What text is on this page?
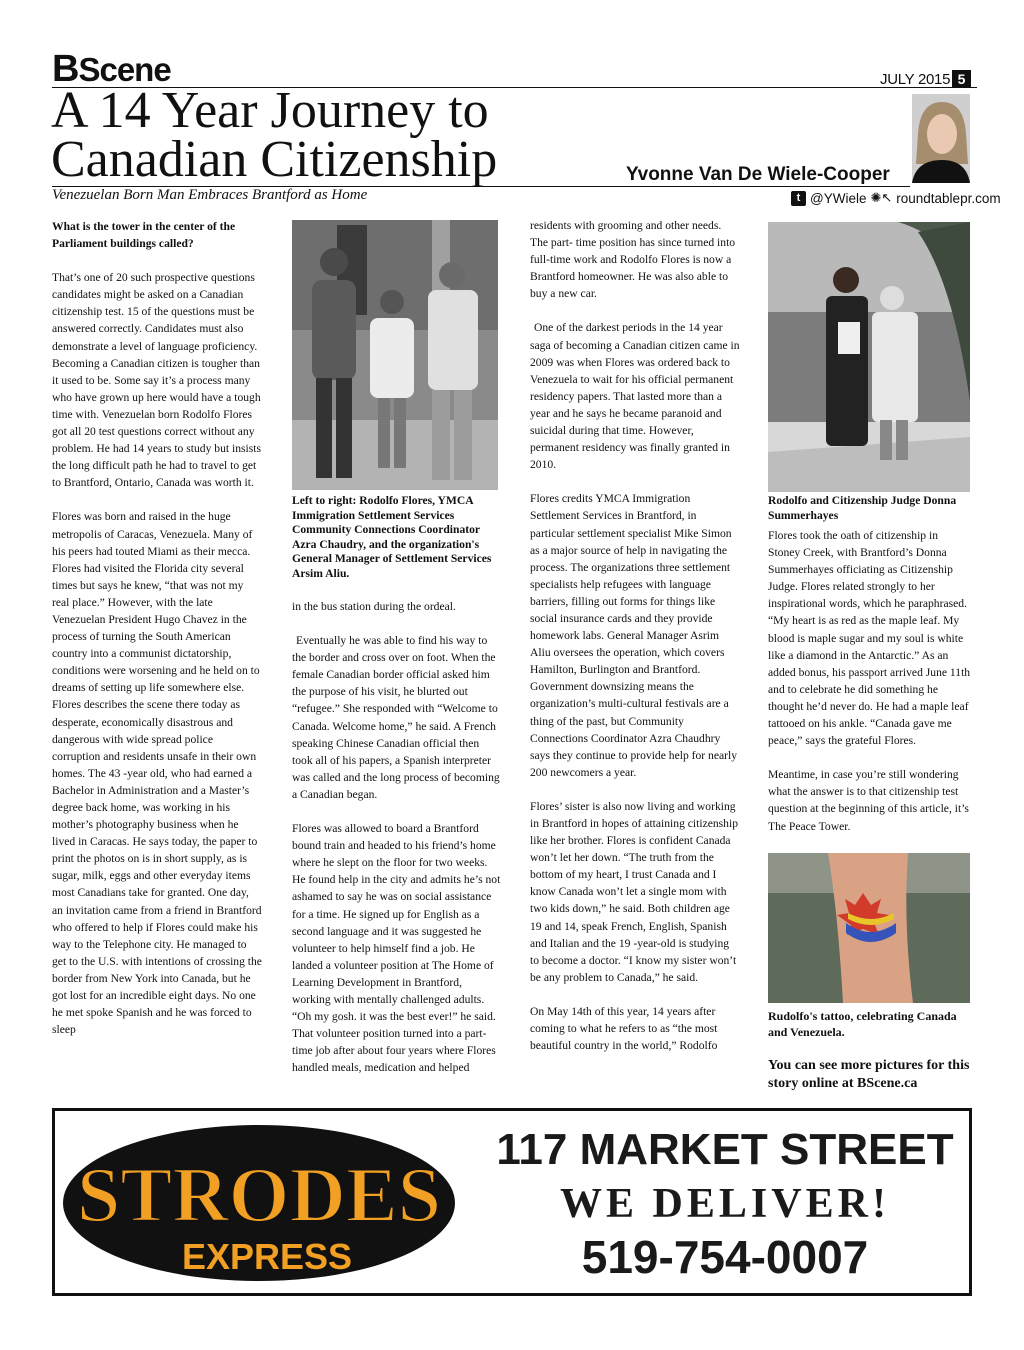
BScene	JULY 2015 5
A 14 Year Journey to
Canadian Citizenship	Yvonne Van De Wiele-Cooper
Venezuelan Born Man Embraces Brantford as Home	t @YWiele ✺↖ roundtablepr.com

What is the tower in the center of the Parliament buildings called?

That’s one of 20 such prospective questions candidates might be asked on a Canadian citizenship test. 15 of the questions must be answered correctly. Candidates must also demonstrate a level of language proficiency. Becoming a Canadian citizen is tougher than it used to be. Some say it’s a process many who have grown up here would have a tough time with. Venezuelan born Rodolfo Flores got all 20 test questions correct without any problem. He had 14 years to study but insists the long difficult path he had to travel to get to Brantford, Ontario, Canada was worth it.

Flores was born and raised in the huge metropolis of Caracas, Venezuela. Many of his peers had touted Miami as their mecca. Flores had visited the Florida city several times but says he knew, “that was not my real place.” However, with the late Venezuelan President Hugo Chavez in the process of turning the South American country into a communist dictatorship, conditions were worsening and he held on to dreams of setting up life somewhere else. Flores describes the scene there today as desperate, economically disastrous and dangerous with wide spread police corruption and residents unsafe in their own homes. The 43 -year old, who had earned a Bachelor in Administration and a Master’s degree back home, was working in his mother’s photography business when he lived in Caracas. He says today, the paper to print the photos on is in short supply, as is sugar, milk, eggs and other everyday items most Canadians take for granted. One day, an invitation came from a friend in Brantford who offered to help if Flores could make his way to the Telephone city. He managed to get to the U.S. with intentions of crossing the border from New York into Canada, but he got lost for an incredible eight days. No one he met spoke Spanish and he was forced to sleep

Left to right: Rodolfo Flores, YMCA Immigration Settlement Services Community Connections Coordinator Azra Chaudry, and the organization's General Manager of Settlement Services Arsim Aliu.

in the bus station during the ordeal.

Eventually he was able to find his way to the border and cross over on foot. When the female Canadian border official asked him the purpose of his visit, he blurted out “refugee.” She responded with “Welcome to Canada. Welcome home,” he said. A French speaking Chinese Canadian official then took all of his papers, a Spanish interpreter was called and the long process of becoming a Canadian began.

Flores was allowed to board a Brantford bound train and headed to his friend’s home where he slept on the floor for two weeks. He found help in the city and admits he’s not ashamed to say he was on social assistance for a time. He signed up for English as a second language and it was suggested he volunteer to help himself find a job. He landed a volunteer position at The Home of Learning Development in Brantford, working with mentally challenged adults. “Oh my gosh. it was the best ever!” he said. That volunteer position turned into a part-time job after about four years where Flores handled meals, medication and helped

residents with grooming and other needs. The part- time position has since turned into full-time work and Rodolfo Flores is now a Brantford homeowner. He was also able to buy a new car.

One of the darkest periods in the 14 year saga of becoming a Canadian citizen came in 2009 was when Flores was ordered back to Venezuela to wait for his official permanent residency papers. That lasted more than a year and he says he became paranoid and suicidal during that time. However, permanent residency was finally granted in 2010.

Flores credits YMCA Immigration Settlement Services in Brantford, in particular settlement specialist Mike Simon as a major source of help in navigating the process. The organizations three settlement specialists help refugees with language barriers, filling out forms for things like social insurance cards and they provide homework labs. General Manager Asrim Aliu oversees the operation, which covers Hamilton, Burlington and Brantford. Government downsizing means the organization’s multi-cultural festivals are a thing of the past, but Community Connections Coordinator Azra Chaudhry says they continue to provide help for nearly 200 newcomers a year.

Flores’ sister is also now living and working in Brantford in hopes of attaining citizenship like her brother. Flores is confident Canada won’t let her down. “The truth from the bottom of my heart, I trust Canada and I know Canada won’t let a single mom with two kids down,” he said. Both children age 19 and 14, speak French, English, Spanish and Italian and the 19 -year-old is studying to become a doctor. “I know my sister won’t be any problem to Canada,” he said.

On May 14th of this year, 14 years after coming to what he refers to as “the most beautiful country in the world,” Rodolfo

Rodolfo and Citizenship Judge Donna Summerhayes

Flores took the oath of citizenship in Stoney Creek, with Brantford’s Donna Summerhayes officiating as Citizenship Judge. Flores related strongly to her inspirational words, which he paraphrased. “My heart is as red as the maple leaf. My blood is maple sugar and my soul is white like a diamond in the Antarctic.” As an added bonus, his passport arrived June 11th and to celebrate he did something he thought he’d never do. He had a maple leaf tattooed on his ankle. “Canada gave me peace,” says the grateful Flores.

Meantime, in case you’re still wondering what the answer is to that citizenship test question at the beginning of this article, it’s The Peace Tower.

Rudolfo's tattoo, celebrating Canada and Venezuela.

You can see more pictures for this story online at BScene.ca

STRODES
EXPRESS
117 MARKET STREET
WE DELIVER!
519-754-0007
